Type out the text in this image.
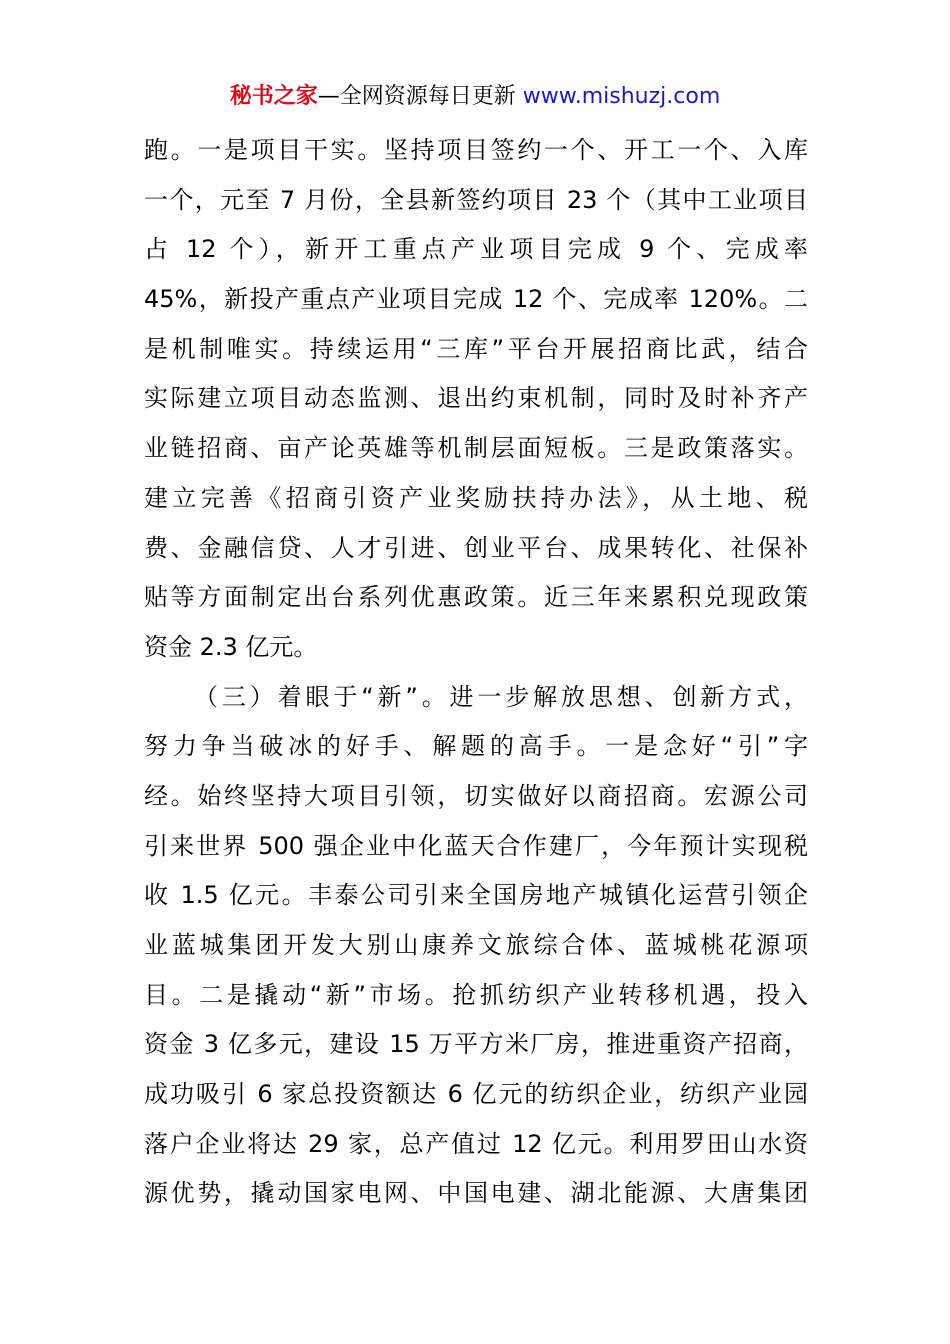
秘书之家—全网资源每日更新 www.mishuzj.com
跑。一是项目干实。坚持项目签约一个、开工一个、入库
一个，元至 7 月份，全县新签约项目 23 个（其中工业项目
占 12 个），新开工重点产业项目完成 9 个、完成率
45%，新投产重点产业项目完成 12 个、完成率 120%。二
是机制唯实。持续运用“三库”平台开展招商比武，结合
实际建立项目动态监测、退出约束机制，同时及时补齐产
业链招商、亩产论英雄等机制层面短板。三是政策落实。
建立完善《招商引资产业奖励扶持办法》，从土地、税
费、金融信贷、人才引进、创业平台、成果转化、社保补
贴等方面制定出台系列优惠政策。近三年来累积兑现政策
资金 2.3 亿元。
（三）着眼于“新”。进一步解放思想、创新方式，
努力争当破冰的好手、解题的高手。一是念好“引”字
经。始终坚持大项目引领，切实做好以商招商。宏源公司
引来世界 500 强企业中化蓝天合作建厂，今年预计实现税
收 1.5 亿元。丰泰公司引来全国房地产城镇化运营引领企
业蓝城集团开发大别山康养文旅综合体、蓝城桃花源项
目。二是撬动“新”市场。抢抓纺织产业转移机遇，投入
资金 3 亿多元，建设 15 万平方米厂房，推进重资产招商，
成功吸引 6 家总投资额达 6 亿元的纺织企业，纺织产业园
落户企业将达 29 家，总产值过 12 亿元。利用罗田山水资
源优势，撬动国家电网、中国电建、湖北能源、大唐集团
